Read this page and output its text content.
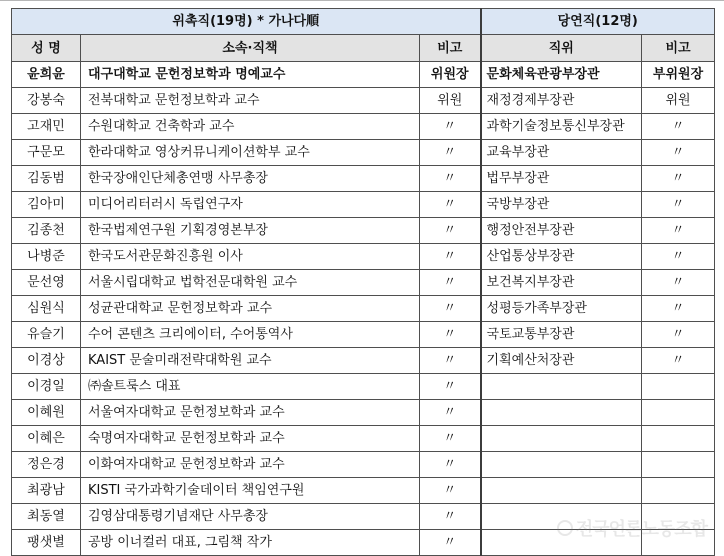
위촉직(19명) * 가나다順			당연직(12명)	
성 명	소속·직책	비고	직위	비고
윤희윤	대구대학교 문헌정보학과 명예교수	위원장	문화체육관광부장관	부위원장
강봉숙	전북대학교 문헌정보학과 교수	위원	재정경제부장관	위원
고재민	수원대학교 건축학과 교수	〃	과학기술정보통신부장관	〃
구문모	한라대학교 영상커뮤니케이션학부 교수	〃	교육부장관	〃
김동범	한국장애인단체총연맹 사무총장	〃	법무부장관	〃
김아미	미디어리터러시 독립연구자	〃	국방부장관	〃
김종천	한국법제연구원 기획경영본부장	〃	행정안전부장관	〃
나병준	한국도서관문화진흥원 이사	〃	산업통상부장관	〃
문선영	서울시립대학교 법학전문대학원 교수	〃	보건복지부장관	〃
심원식	성균관대학교 문헌정보학과 교수	〃	성평등가족부장관	〃
유슬기	수어 콘텐츠 크리에이터, 수어통역사	〃	국토교통부장관	〃
이경상	KAIST 문술미래전략대학원 교수	〃	기획예산처장관	〃
이경일	㈜솔트룩스 대표	〃		
이혜원	서울여자대학교 문헌정보학과 교수	〃		
이혜은	숙명여자대학교 문헌정보학과 교수	〃		
정은경	이화여자대학교 문헌정보학과 교수	〃		
최광남	KISTI 국가과학기술데이터 책임연구원	〃		
최동열	김영삼대통령기념재단 사무총장	〃		
팽샛별	공방 이너컬러 대표, 그림책 작가	〃		
전국언론노동조합
